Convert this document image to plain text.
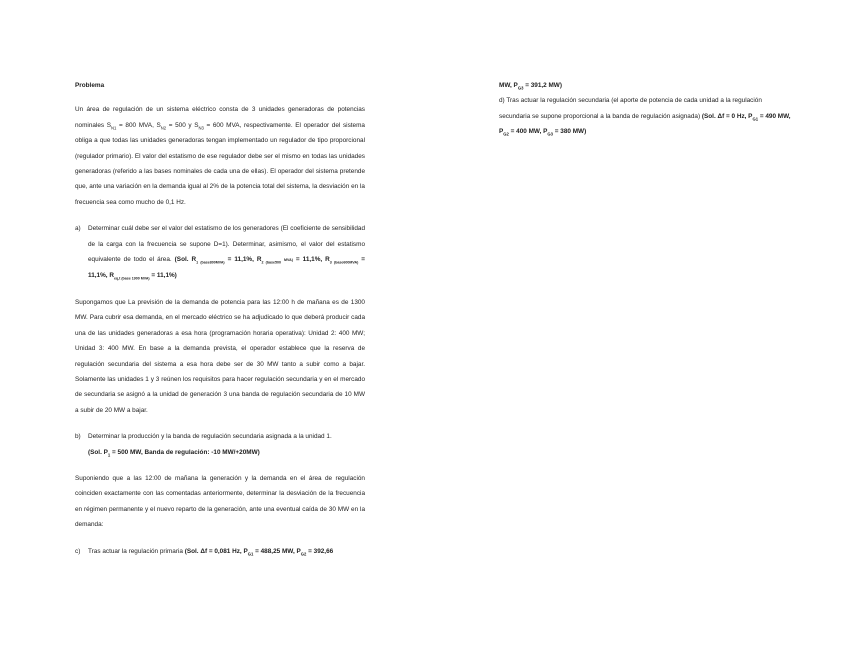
Problema

Un área de regulación de un sistema eléctrico consta de 3 unidades generadoras de potencias nominales $S_{N1} = 800$ MVA, $S_{N2} = 500$ y $S_{N3} = 600$ MVA, respectivamente. El operador del sistema obliga a que todas las unidades generadoras tengan implementado un regulador de tipo proporcional (regulador primario). El valor del estatismo de ese regulador debe ser el mismo en todas las unidades generadoras (referido a las bases nominales de cada una de ellas). El operador del sistema pretende que, ante una variación en la demanda igual al 2% de la potencia total del sistema, la desviación en la frecuencia sea como mucho de 0,1 Hz.

a)	Determinar cuál debe ser el valor del estatismo de los generadores (El coeficiente de sensibilidad de la carga con la frecuencia se supone D=1). Determinar, asimismo, el valor del estatismo equivalente de todo el área. (Sol. $R_{1 (base800MVA)} = 11,1\%$, $R_{2 (base500}$ MVA) = 11,1%, $R_{3 (base600MVA)} = 11,1\%$, $R_{eq,t (base 1900 MVA)} = 11,1\%$)

Supongamos que La previsión de la demanda de potencia para las 12:00 h de mañana es de 1300 MW. Para cubrir esa demanda, en el mercado eléctrico se ha adjudicado lo que deberá producir cada una de las unidades generadoras a esa hora (programación horaria operativa): Unidad 2: 400 MW; Unidad 3: 400 MW. En base a la demanda prevista, el operador establece que la reserva de regulación secundaria del sistema a esa hora debe ser de 30 MW tanto a subir como a bajar. Solamente las unidades 1 y 3 reúnen los requisitos para hacer regulación secundaria y en el mercado de secundaria se asignó a la unidad de generación 3 una banda de regulación secundaria de 10 MW a subir de 20 MW a bajar.

b)	Determinar la producción y la banda de regulación secundaria asignada a la unidad 1.
(Sol. $P_1 = 500$ MW, Banda de regulación: -10 MW/+20MW)

Suponiendo que a las 12:00 de mañana la generación y la demanda en el área de regulación coinciden exactamente con las comentadas anteriormente, determinar la desviación de la frecuencia en régimen permanente y el nuevo reparto de la generación, ante una eventual caída de 30 MW en la demanda:

c)	Tras actuar la regulación primaria (Sol. Δf = 0,081 Hz, $P_{G1} = 488,25$ MW, $P_{G2} = 392,66$

MW, $P_{G3} = 391,2$ MW)

d) Tras actuar la regulación secundaria (el aporte de potencia de cada unidad a la regulación secundaria se supone proporcional a la banda de regulación asignada) (Sol. Δf = 0 Hz, $P_{G1} = 490$ MW, $P_{G2} = 400$ MW, $P_{G3} = 380$ MW)
